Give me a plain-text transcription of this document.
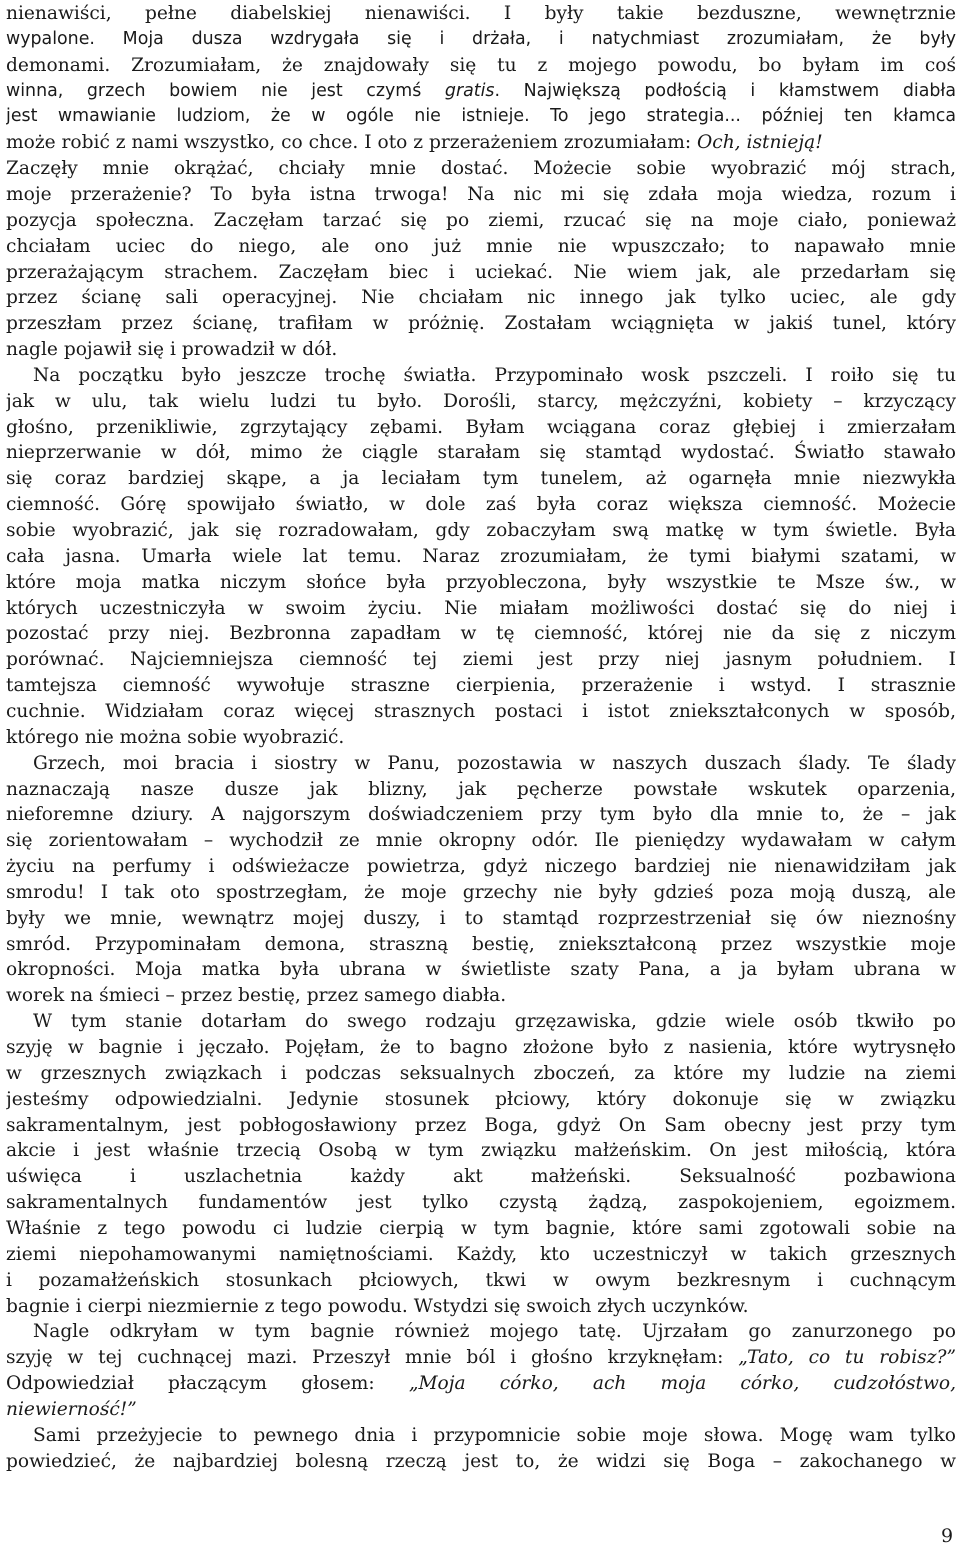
nienawiści, pełne diabelskiej nienawiści. I były takie bezduszne, wewnętrznie
wypalone. Moja dusza wzdrygała się i drżała, i natychmiast zrozumiałam, że były
demonami. Zrozumiałam, że znajdowały się tu z mojego powodu, bo byłam im coś
winna, grzech bowiem nie jest czymś gratis. Największą podłością i kłamstwem diabła
jest wmawianie ludziom, że w ogóle nie istnieje. To jego strategia... później ten kłamca
może robić z nami wszystko, co chce. I oto z przerażeniem zrozumiałam: Och, istnieją!
Zaczęły mnie okrążać, chciały mnie dostać. Możecie sobie wyobrazić mój strach,
moje przerażenie? To była istna trwoga! Na nic mi się zdała moja wiedza, rozum i
pozycja społeczna. Zaczęłam tarzać się po ziemi, rzucać się na moje ciało, ponieważ
chciałam uciec do niego, ale ono już mnie nie wpuszczało; to napawało mnie
przerażającym strachem. Zaczęłam biec i uciekać. Nie wiem jak, ale przedarłam się
przez ścianę sali operacyjnej. Nie chciałam nic innego jak tylko uciec, ale gdy
przeszłam przez ścianę, trafiłam w próżnię. Zostałam wciągnięta w jakiś tunel, który
nagle pojawił się i prowadził w dół.
Na początku było jeszcze trochę światła. Przypominało wosk pszczeli. I roiło się tu
jak w ulu, tak wielu ludzi tu było. Dorośli, starcy, mężczyźni, kobiety – krzyczący
głośno, przenikliwie, zgrzytający zębami. Byłam wciągana coraz głębiej i zmierzałam
nieprzerwanie w dół, mimo że ciągle starałam się stamtąd wydostać. Światło stawało
się coraz bardziej skąpe, a ja leciałam tym tunelem, aż ogarnęła mnie niezwykła
ciemność. Górę spowijało światło, w dole zaś była coraz większa ciemność. Możecie
sobie wyobrazić, jak się rozradowałam, gdy zobaczyłam swą matkę w tym świetle. Była
cała jasna. Umarła wiele lat temu. Naraz zrozumiałam, że tymi białymi szatami, w
które moja matka niczym słońce była przyobleczona, były wszystkie te Msze św., w
których uczestniczyła w swoim życiu. Nie miałam możliwości dostać się do niej i
pozostać przy niej. Bezbronna zapadłam w tę ciemność, której nie da się z niczym
porównać. Najciemniejsza ciemność tej ziemi jest przy niej jasnym południem. I
tamtejsza ciemność wywołuje straszne cierpienia, przerażenie i wstyd. I strasznie
cuchnie. Widziałam coraz więcej strasznych postaci i istot zniekształconych w sposób,
którego nie można sobie wyobrazić.
Grzech, moi bracia i siostry w Panu, pozostawia w naszych duszach ślady. Te ślady
naznaczają nasze dusze jak blizny, jak pęcherze powstałe wskutek oparzenia,
nieforemne dziury. A najgorszym doświadczeniem przy tym było dla mnie to, że – jak
się zorientowałam – wychodził ze mnie okropny odór. Ile pieniędzy wydawałam w całym
życiu na perfumy i odświeżacze powietrza, gdyż niczego bardziej nie nienawidziłam jak
smrodu! I tak oto spostrzegłam, że moje grzechy nie były gdzieś poza moją duszą, ale
były we mnie, wewnątrz mojej duszy, i to stamtąd rozprzestrzeniał się ów nieznośny
smród. Przypominałam demona, straszną bestię, zniekształconą przez wszystkie moje
okropności. Moja matka była ubrana w świetliste szaty Pana, a ja byłam ubrana w
worek na śmieci – przez bestię, przez samego diabła.
W tym stanie dotarłam do swego rodzaju grzęzawiska, gdzie wiele osób tkwiło po
szyję w bagnie i jęczało. Pojęłam, że to bagno złożone było z nasienia, które wytrysnęło
w grzesznych związkach i podczas seksualnych zboczeń, za które my ludzie na ziemi
jesteśmy odpowiedzialni. Jedynie stosunek płciowy, który dokonuje się w związku
sakramentalnym, jest pobłogosławiony przez Boga, gdyż On Sam obecny jest przy tym
akcie i jest właśnie trzecią Osobą w tym związku małżeńskim. On jest miłością, która
uświęca i uszlachetnia każdy akt małżeński. Seksualność pozbawiona
sakramentalnych fundamentów jest tylko czystą żądzą, zaspokojeniem, egoizmem.
Właśnie z tego powodu ci ludzie cierpią w tym bagnie, które sami zgotowali sobie na
ziemi niepohamowanymi namiętnościami. Każdy, kto uczestniczył w takich grzesznych
i pozamałżeńskich stosunkach płciowych, tkwi w owym bezkresnym i cuchnącym
bagnie i cierpi niezmiernie z tego powodu. Wstydzi się swoich złych uczynków.
Nagle odkryłam w tym bagnie również mojego tatę. Ujrzałam go zanurzonego po
szyję w tej cuchnącej mazi. Przeszył mnie ból i głośno krzyknęłam: „Tato, co tu robisz?”
Odpowiedział płaczącym głosem: „Moja córko, ach moja córko, cudzołóstwo,
niewierność!”
Sami przeżyjecie to pewnego dnia i przypomnicie sobie moje słowa. Mogę wam tylko
powiedzieć, że najbardziej bolesną rzeczą jest to, że widzi się Boga – zakochanego w
9
